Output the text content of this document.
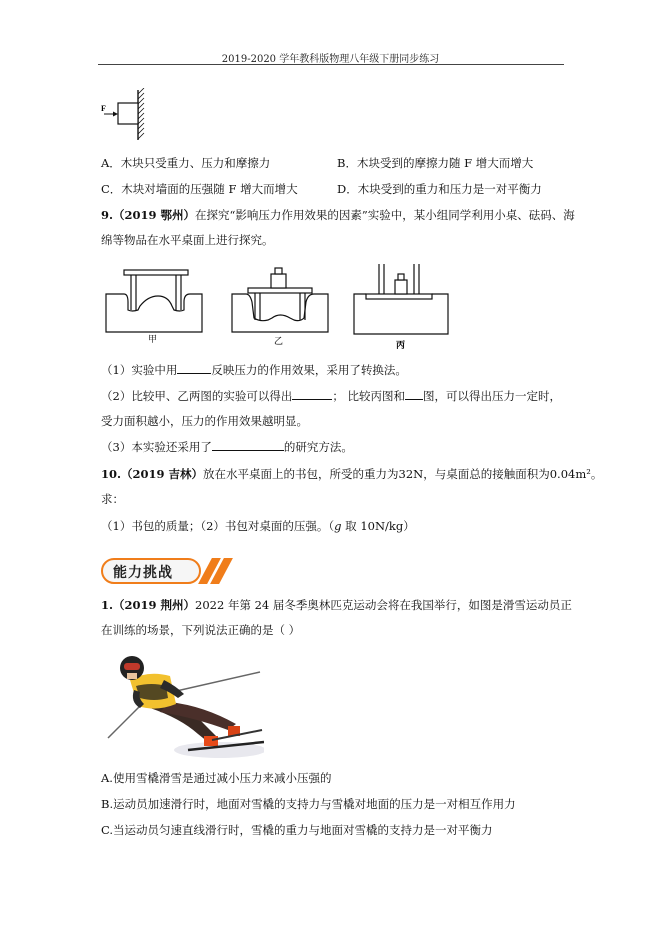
2019-2020 学年教科版物理八年级下册同步练习
F
A．木块只受重力、压力和摩擦力	B．木块受到的摩擦力随 F 增大而增大
C．木块对墙面的压强随 F 增大而增大	D．木块受到的重力和压力是一对平衡力
9.（2019 鄂州）在探究“影响压力作用效果的因素”实验中，某小组同学利用小桌、砝码、海
绵等物品在水平桌面上进行探究。
甲	乙	丙
（1）实验中用	反映压力的作用效果，采用了转换法。
（2）比较甲、乙两图的实验可以得出	； 比较丙图和 图，可以得出压力一定时，
受力面积越小，压力的作用效果越明显。
（3）本实验还采用了	的研究方法。
10.（2019 吉林）放在水平桌面上的书包，所受的重力为32N，与桌面总的接触面积为0.04m²。
求：
（1）书包的质量；（2）书包对桌面的压强。（g 取 10N/kg）
能力挑战
1.（2019 荆州）2022 年第 24 届冬季奥林匹克运动会将在我国举行，如图是滑雪运动员正
在训练的场景，下列说法正确的是（ ）
A.使用雪橇滑雪是通过减小压力来减小压强的
B.运动员加速滑行时，地面对雪橇的支持力与雪橇对地面的压力是一对相互作用力
C.当运动员匀速直线滑行时，雪橇的重力与地面对雪橇的支持力是一对平衡力
